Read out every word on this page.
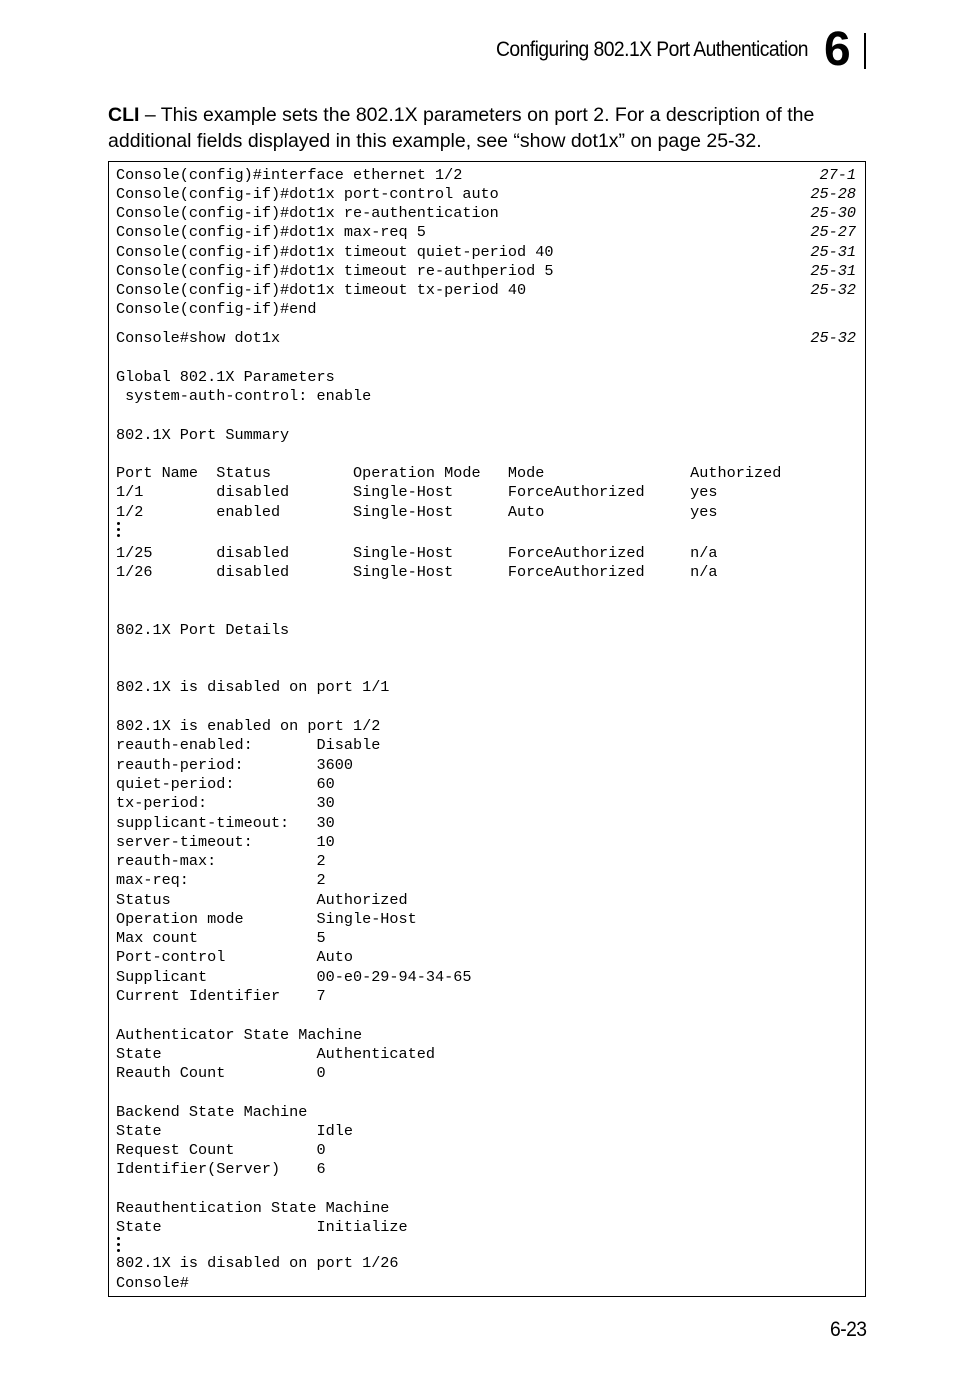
Configuring 802.1X Port Authentication 6
CLI – This example sets the 802.1X parameters on port 2. For a description of the
additional fields displayed in this example, see “show dot1x” on page 25-32.
Console(config)#interface ethernet 1/2	27-1
Console(config-if)#dot1x port-control auto	25-28
Console(config-if)#dot1x re-authentication	25-30
Console(config-if)#dot1x max-req 5	25-27
Console(config-if)#dot1x timeout quiet-period 40	25-31
Console(config-if)#dot1x timeout re-authperiod 5	25-31
Console(config-if)#dot1x timeout tx-period 40	25-32
Console(config-if)#end
Console#show dot1x	25-32
Global 802.1X Parameters
system-auth-control: enable
802.1X Port Summary
Port Name  Status         Operation Mode   Mode                Authorized
1/1        disabled       Single-Host      ForceAuthorized     yes
1/2        enabled        Single-Host      Auto                yes
1/25       disabled       Single-Host      ForceAuthorized     n/a
1/26       disabled       Single-Host      ForceAuthorized     n/a
802.1X Port Details
802.1X is disabled on port 1/1
802.1X is enabled on port 1/2
reauth-enabled:       Disable
reauth-period:        3600
quiet-period:         60
tx-period:            30
supplicant-timeout:   30
server-timeout:       10
reauth-max:           2
max-req:              2
Status                Authorized
Operation mode        Single-Host
Max count             5
Port-control          Auto
Supplicant            00-e0-29-94-34-65
Current Identifier    7
Authenticator State Machine
State                 Authenticated
Reauth Count          0
Backend State Machine
State                 Idle
Request Count         0
Identifier(Server)    6
Reauthentication State Machine
State                 Initialize
802.1X is disabled on port 1/26
Console#
6-23
